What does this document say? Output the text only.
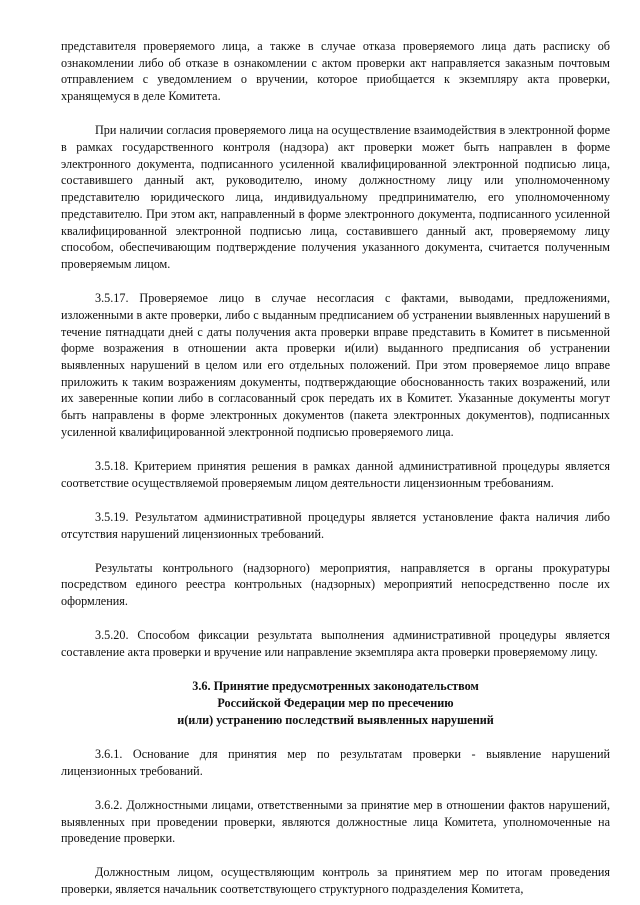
представителя проверяемого лица, а также в случае отказа проверяемого лица дать расписку об ознакомлении либо об отказе в ознакомлении с актом проверки акт направляется заказным почтовым отправлением с уведомлением о вручении, которое приобщается к экземпляру акта проверки, хранящемуся в деле Комитета.

При наличии согласия проверяемого лица на осуществление взаимодействия в электронной форме в рамках государственного контроля (надзора) акт проверки может быть направлен в форме электронного документа, подписанного усиленной квалифицированной электронной подписью лица, составившего данный акт, руководителю, иному должностному лицу или уполномоченному представителю юридического лица, индивидуальному предпринимателю, его уполномоченному представителю. При этом акт, направленный в форме электронного документа, подписанного усиленной квалифицированной электронной подписью лица, составившего данный акт, проверяемому лицу способом, обеспечивающим подтверждение получения указанного документа, считается полученным проверяемым лицом.

3.5.17. Проверяемое лицо в случае несогласия с фактами, выводами, предложениями, изложенными в акте проверки, либо с выданным предписанием об устранении выявленных нарушений в течение пятнадцати дней с даты получения акта проверки вправе представить в Комитет в письменной форме возражения в отношении акта проверки и(или) выданного предписания об устранении выявленных нарушений в целом или его отдельных положений. При этом проверяемое лицо вправе приложить к таким возражениям документы, подтверждающие обоснованность таких возражений, или их заверенные копии либо в согласованный срок передать их в Комитет. Указанные документы могут быть направлены в форме электронных документов (пакета электронных документов), подписанных усиленной квалифицированной электронной подписью проверяемого лица.

3.5.18. Критерием принятия решения в рамках данной административной процедуры является соответствие осуществляемой проверяемым лицом деятельности лицензионным требованиям.

3.5.19. Результатом административной процедуры является установление факта наличия либо отсутствия нарушений лицензионных требований.

Результаты контрольного (надзорного) мероприятия, направляется в органы прокуратуры посредством единого реестра контрольных (надзорных) мероприятий непосредственно после их оформления.

3.5.20. Способом фиксации результата выполнения административной процедуры является составление акта проверки и вручение или направление экземпляра акта проверки проверяемому лицу.

3.6. Принятие предусмотренных законодательством
Российской Федерации мер по пресечению
и(или) устранению последствий выявленных нарушений

3.6.1. Основание для принятия мер по результатам проверки - выявление нарушений лицензионных требований.

3.6.2. Должностными лицами, ответственными за принятие мер в отношении фактов нарушений, выявленных при проведении проверки, являются должностные лица Комитета, уполномоченные на проведение проверки.

Должностным лицом, осуществляющим контроль за принятием мер по итогам проведения проверки, является начальник соответствующего структурного подразделения Комитета,
